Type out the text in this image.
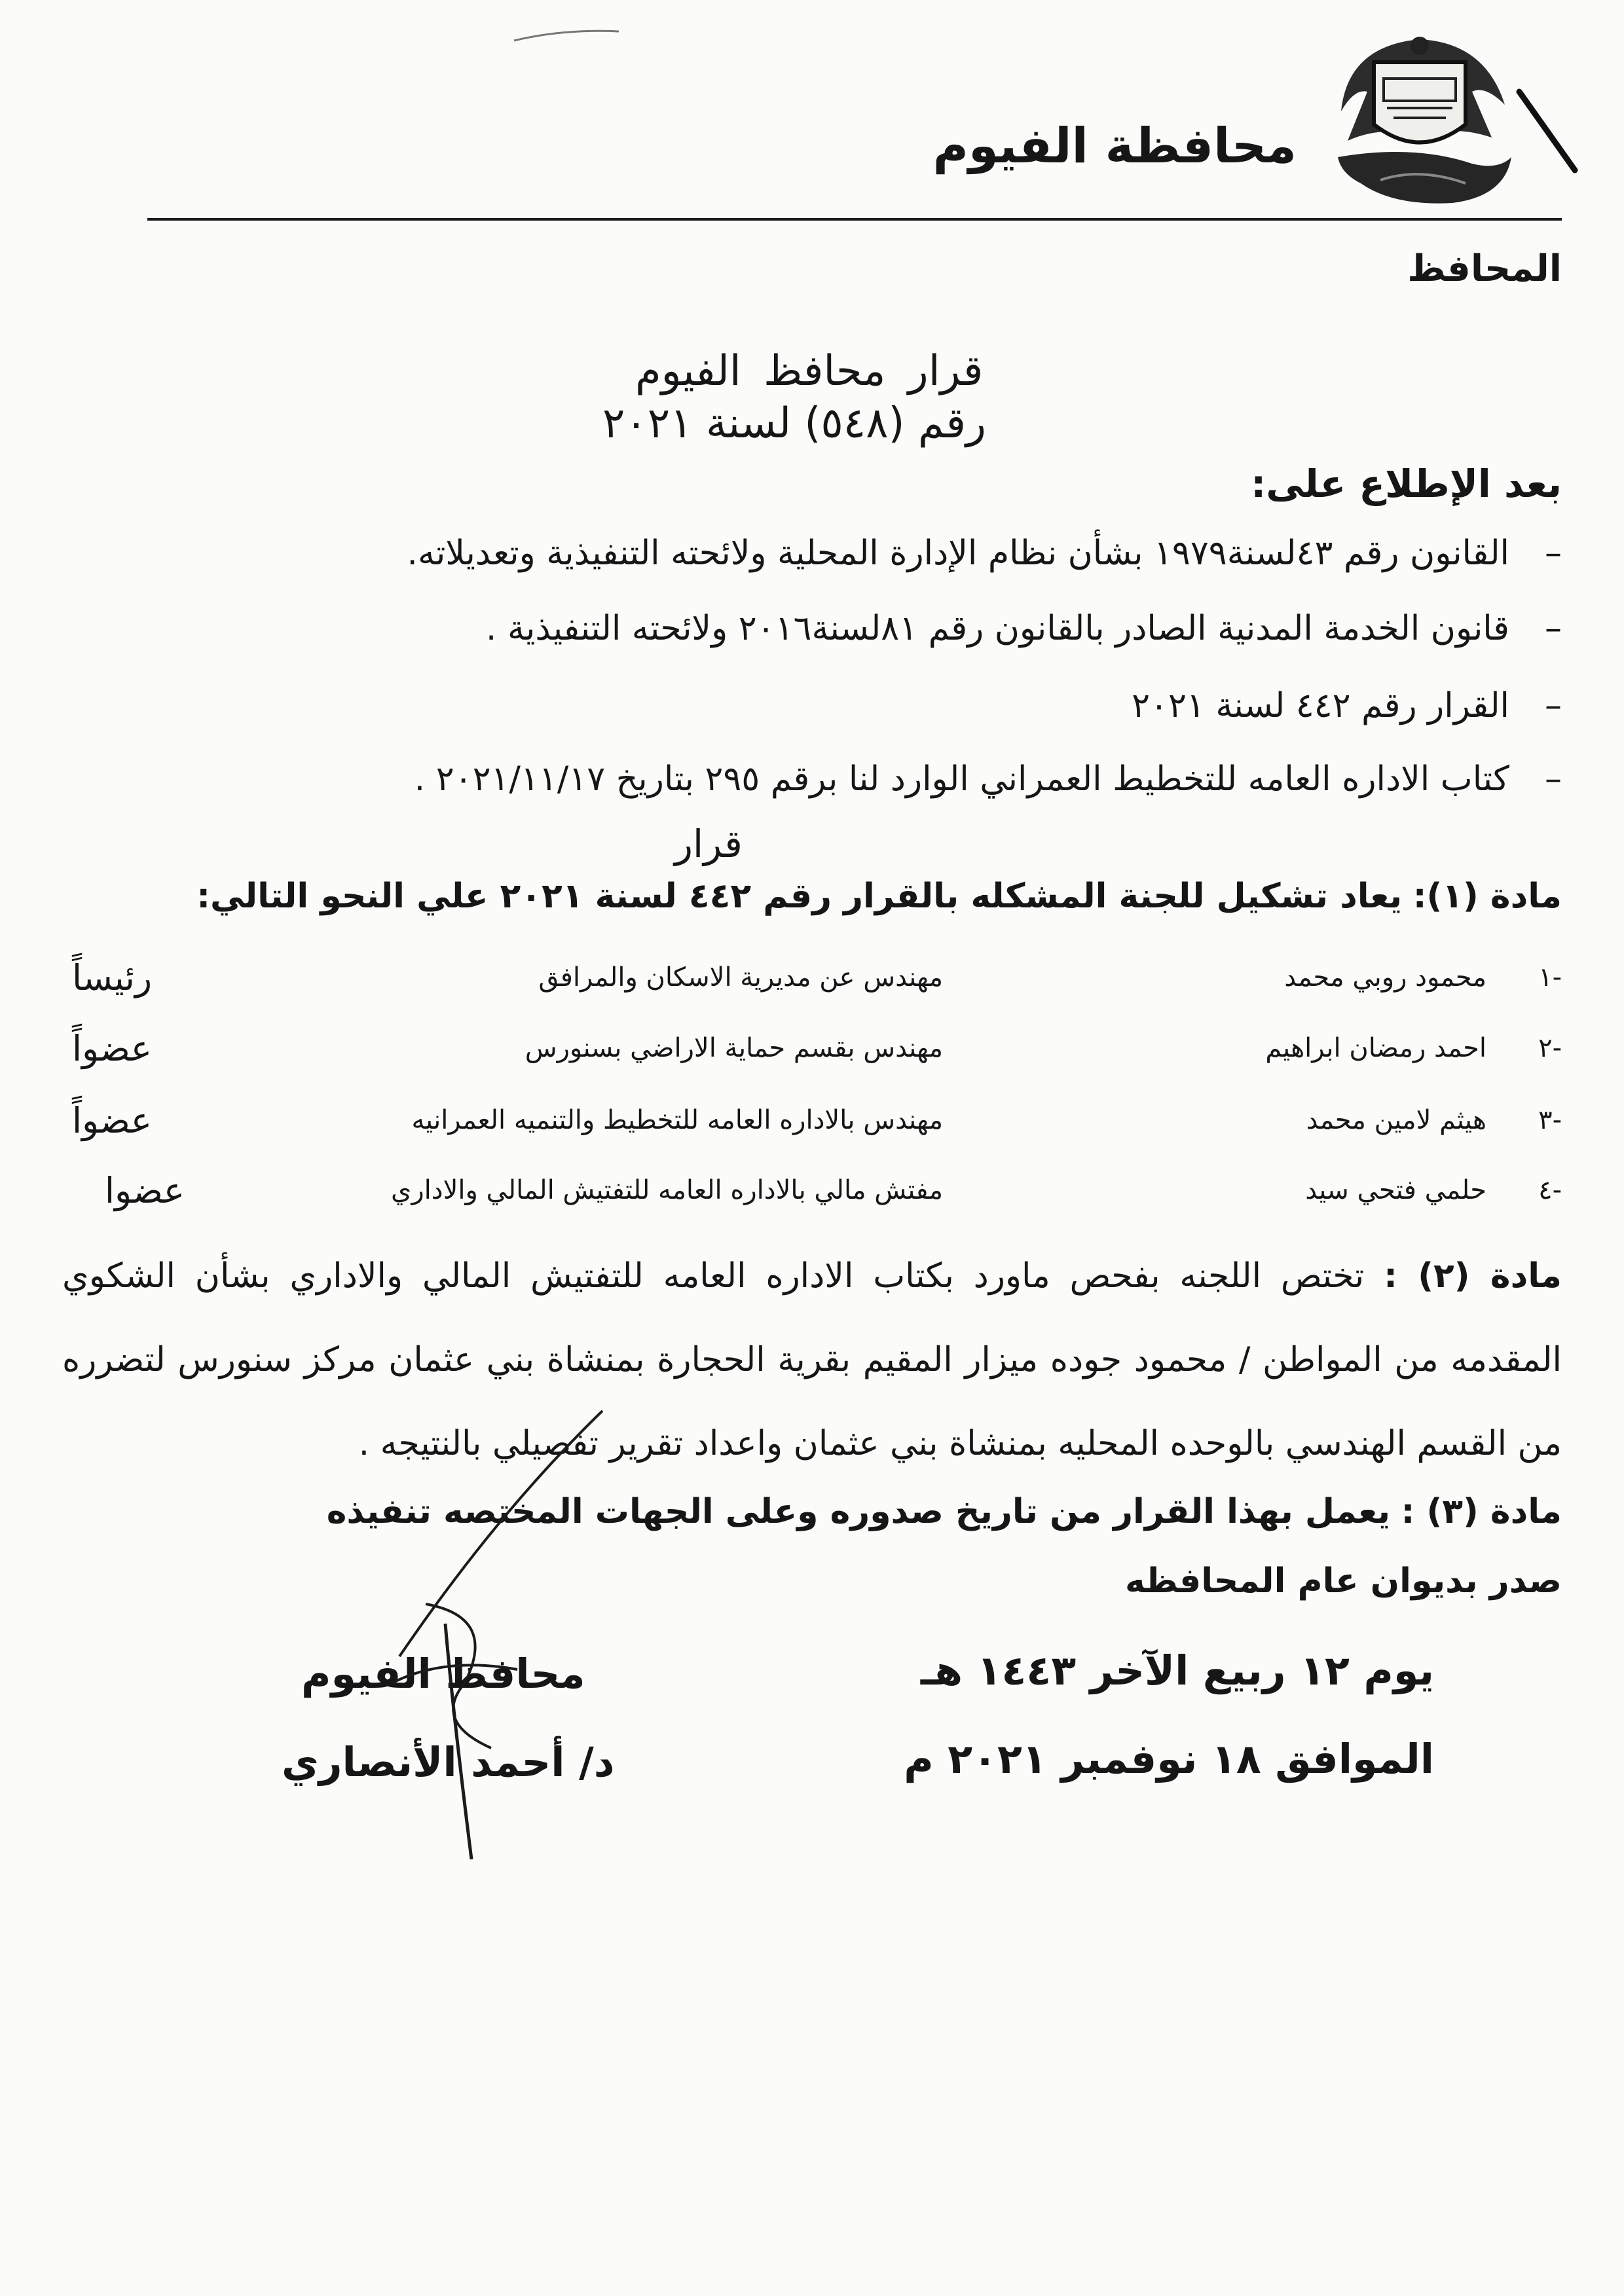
محافظة الفيوم
المحافظ
قرار محافظ الفيوم
رقم (٥٤٨) لسنة ٢٠٢١
بعد الإطلاع على:
–القانون رقم ٤٣لسنة١٩٧٩ بشأن نظام الإدارة المحلية ولائحته التنفيذية وتعديلاته.
–قانون الخدمة المدنية الصادر بالقانون رقم ٨١لسنة٢٠١٦ ولائحته التنفيذية .
–القرار رقم ٤٤٢ لسنة ٢٠٢١
–كتاب الاداره العامه للتخطيط العمراني الوارد لنا برقم ٢٩٥ بتاريخ ٢٠٢١/١١/١٧ .
قرار
مادة (١): يعاد تشكيل للجنة المشكله بالقرار رقم ٤٤٢ لسنة ٢٠٢١ علي النحو التالي:
-١
محمود روبي محمد
مهندس عن مديرية الاسكان والمرافق
رئيساً
-٢
احمد رمضان ابراهيم
مهندس بقسم حماية الاراضي بسنورس
عضواً
-٣
هيثم لامين محمد
مهندس بالاداره العامه للتخطيط والتنميه العمرانيه
عضواً
-٤
حلمي فتحي سيد
مفتش مالي بالاداره العامه للتفتيش المالي والاداري
عضوا
مادة (٢) : تختص اللجنه بفحص ماورد بكتاب الاداره العامه للتفتيش المالي والاداري بشأن الشكوي المقدمه من المواطن / محمود جوده ميزار المقيم بقرية الحجارة بمنشاة بني عثمان مركز سنورس لتضرره من القسم الهندسي بالوحده المحليه بمنشاة بني عثمان واعداد تقرير تفصيلي بالنتيجه .
مادة (٣) : يعمل بهذا القرار من تاريخ صدوره وعلى الجهات المختصه تنفيذه
صدر بديوان عام المحافظه
يوم ١٢ ربيع الآخر ١٤٤٣ هـ
الموافق ١٨ نوفمبر ٢٠٢١ م
محافظ الفيوم
د/ أحمد الأنصاري
